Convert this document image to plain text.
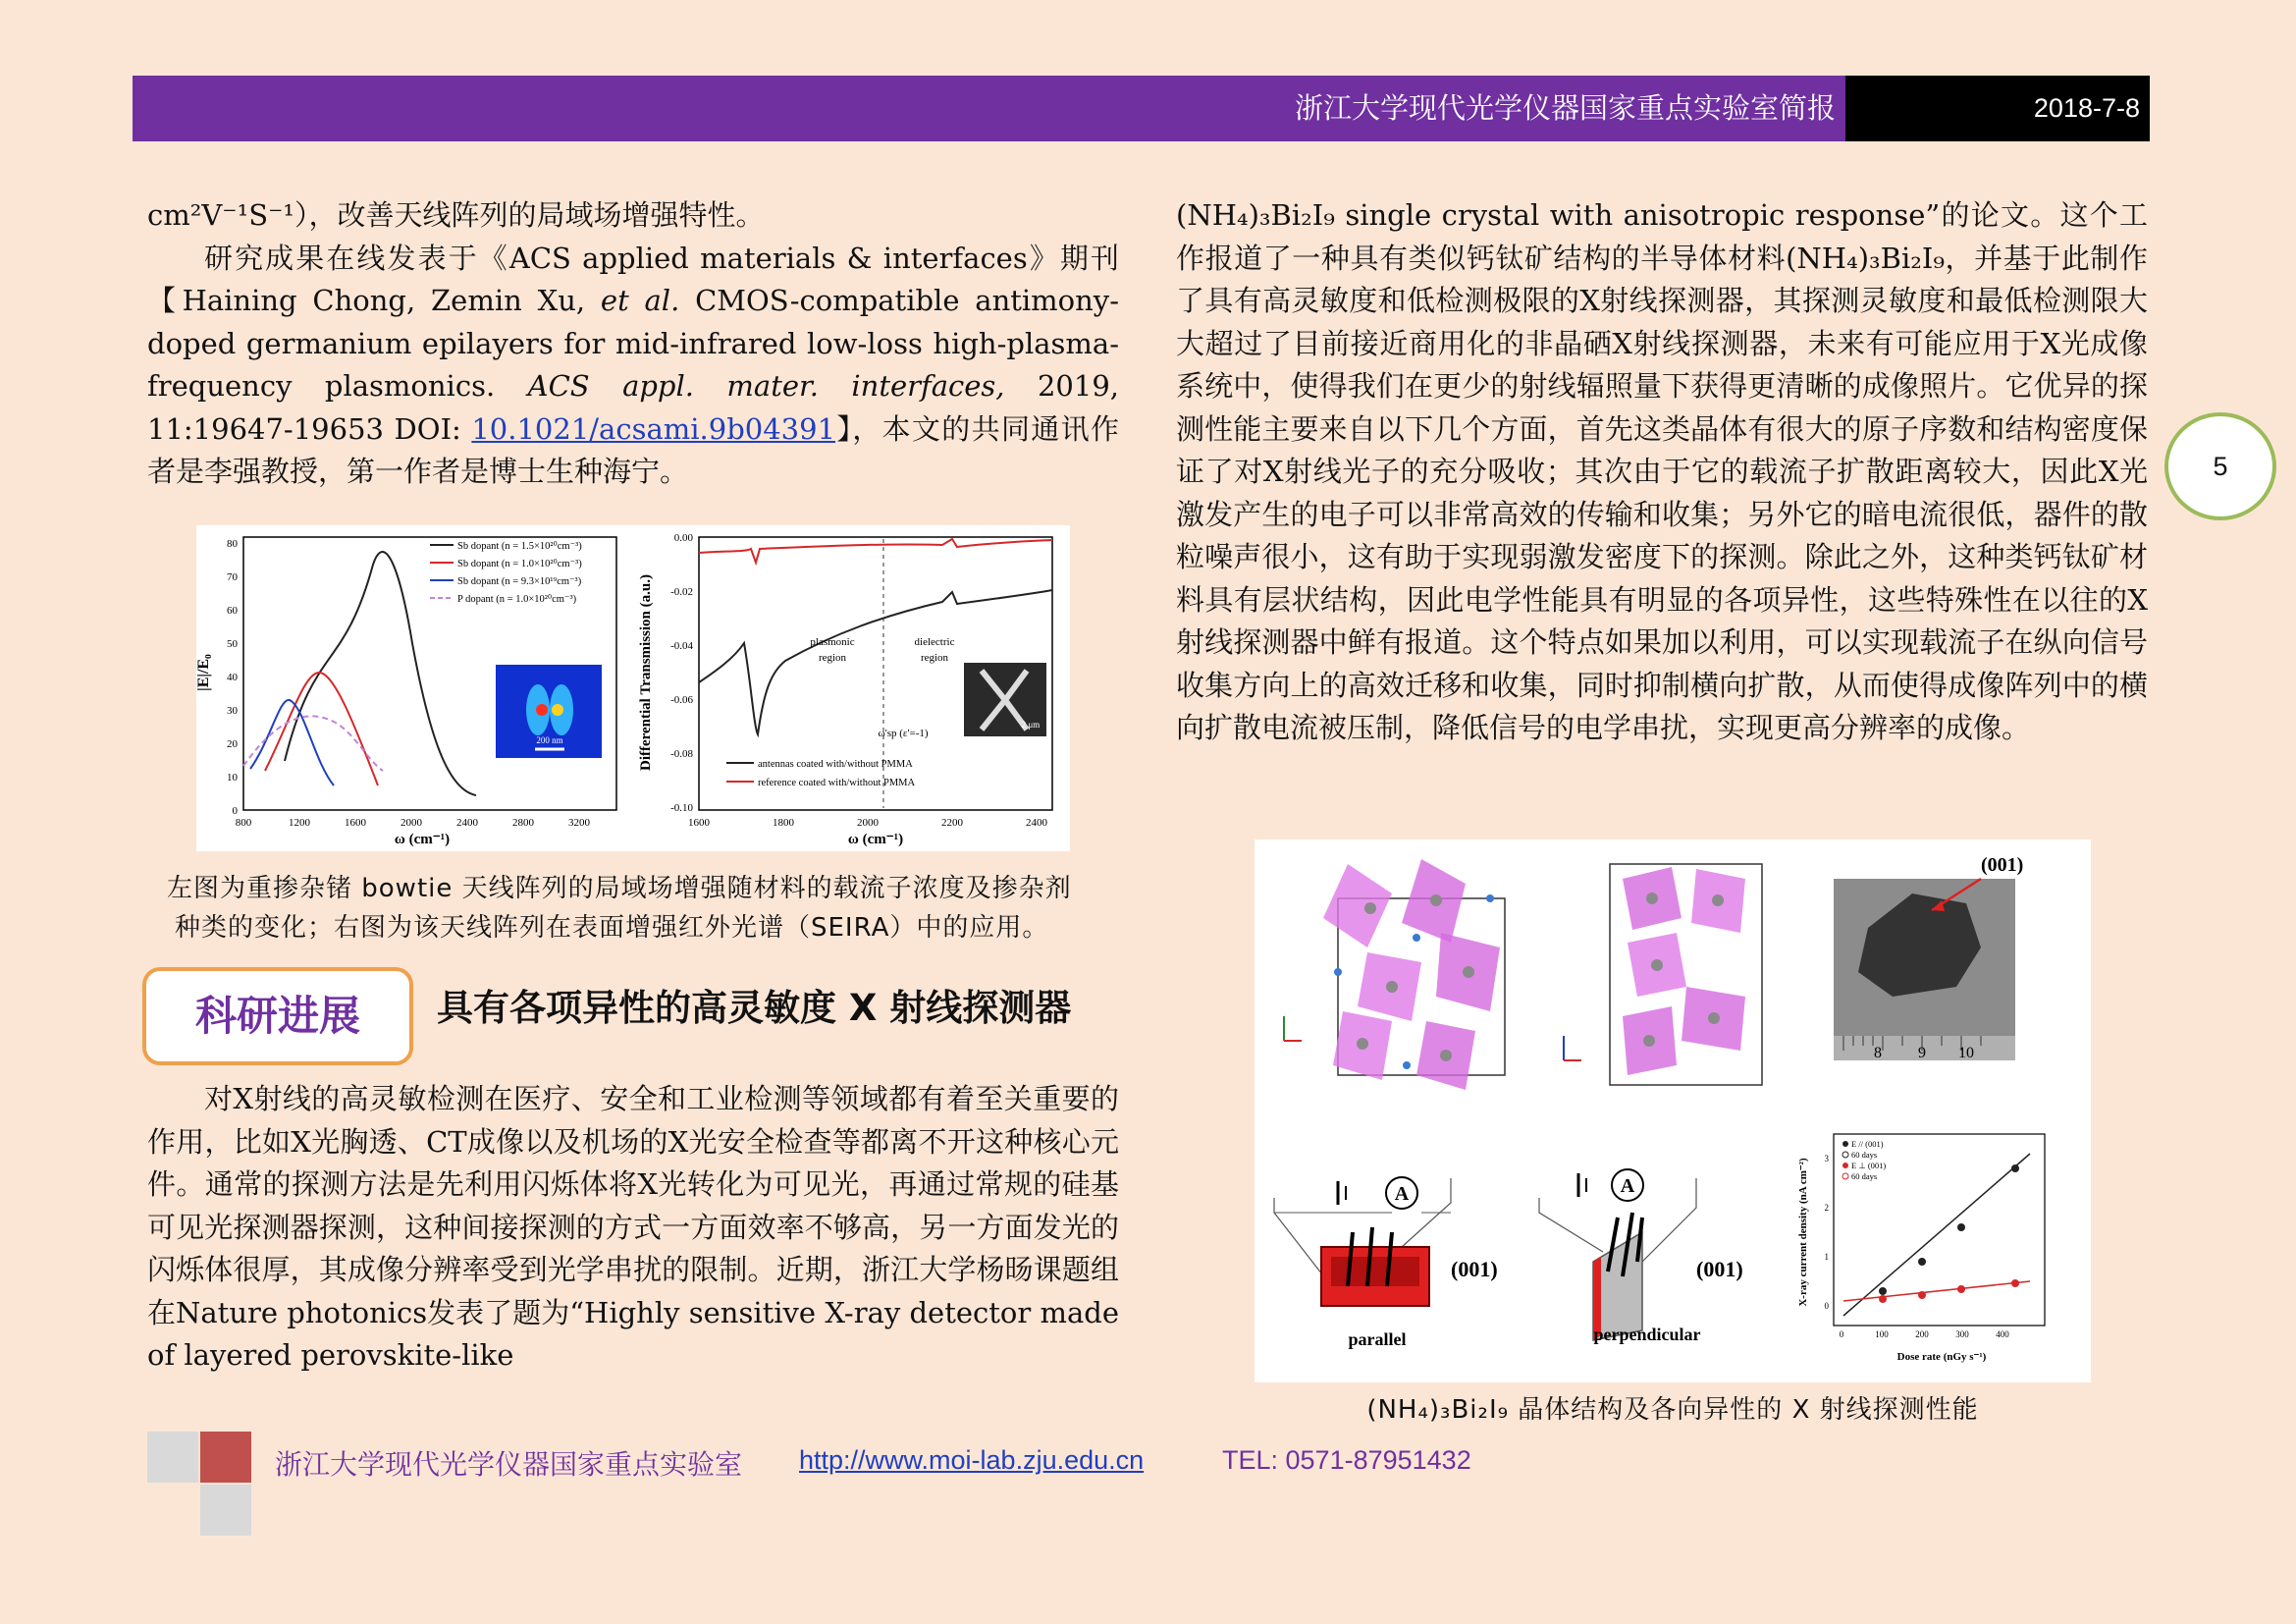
浙江大学现代光学仪器国家重点实验室简报	2018-7-8
5

cm²V⁻¹S⁻¹），改善天线阵列的局域场增强特性。

研究成果在线发表于《ACS applied materials & interfaces》期刊【Haining Chong, Zemin Xu, et al. CMOS-compatible antimony-doped germanium epilayers for mid-infrared low-loss high-plasma-frequency plasmonics. ACS appl. mater. interfaces, 2019, 11:19647-19653 DOI: 10.1021/acsami.9b04391】，本文的共同通讯作者是李强教授，第一作者是博士生种海宁。

0
10
20
30
40
50
60
70
80
800	1200	1600	2000	2400	2800	3200
|E|/E₀
ω (cm⁻¹)
Sb dopant (n = 1.5×10²⁰cm⁻³)
Sb dopant (n = 1.0×10²⁰cm⁻³)
Sb dopant (n = 9.3×10¹⁹cm⁻³)
P dopant (n = 1.0×10²⁰cm⁻³)
200 nm
0.00
-0.02
-0.04
-0.06
-0.08
-0.10
1600	1800	2000	2200	2400
Differential Transmission (a.u.)
ω (cm⁻¹)
plasmonic
region
dielectric
region
ω'sp (ε'=-1)
antennas coated with/without PMMA
reference coated with/without PMMA
2 μm
左图为重掺杂锗 bowtie 天线阵列的局域场增强随材料的载流子浓度及掺杂剂
种类的变化；右图为该天线阵列在表面增强红外光谱（SEIRA）中的应用。
科研进展	具有各项异性的高灵敏度 X 射线探测器

对X射线的高灵敏检测在医疗、安全和工业检测等领域都有着至关重要的作用，比如X光胸透、CT成像以及机场的X光安全检查等都离不开这种核心元件。通常的探测方法是先利用闪烁体将X光转化为可见光，再通过常规的硅基可见光探测器探测，这种间接探测的方式一方面效率不够高，另一方面发光的闪烁体很厚，其成像分辨率受到光学串扰的限制。近期，浙江大学杨旸课题组在Nature photonics发表了题为“Highly sensitive X-ray detector made of layered perovskite-like

(NH₄)₃Bi₂I₉ single crystal with anisotropic response”的论文。这个工作报道了一种具有类似钙钛矿结构的半导体材料(NH₄)₃Bi₂I₉，并基于此制作了具有高灵敏度和低检测极限的X射线探测器，其探测灵敏度和最低检测限大大超过了目前接近商用化的非晶硒X射线探测器，未来有可能应用于X光成像系统中，使得我们在更少的射线辐照量下获得更清晰的成像照片。它优异的探测性能主要来自以下几个方面，首先这类晶体有很大的原子序数和结构密度保证了对X射线光子的充分吸收；其次由于它的载流子扩散距离较大，因此X光激发产生的电子可以非常高效的传输和收集；另外它的暗电流很低，器件的散粒噪声很小，这有助于实现弱激发密度下的探测。除此之外，这种类钙钛矿材料具有层状结构，因此电学性能具有明显的各项异性，这些特殊性在以往的X射线探测器中鲜有报道。这个特点如果加以利用，可以实现载流子在纵向信号收集方向上的高效迁移和收集，同时抑制横向扩散，从而使得成像阵列中的横向扩散电流被压制，降低信号的电学串扰，实现更高分辨率的成像。

(001)
8 9 10
A
(001)
parallel
A
(001)
perpendicular	0	100	200	300	400
0
1
2
3
Dose rate (nGy s⁻¹)
X-ray current density (nA cm⁻²)
E // (001)
60 days
E ⊥ (001)
60 days
(NH₄)₃Bi₂I₉ 晶体结构及各向异性的 X 射线探测性能
浙江大学现代光学仪器国家重点实验室 http://www.moi-lab.zju.edu.cn	TEL: 0571-87951432
